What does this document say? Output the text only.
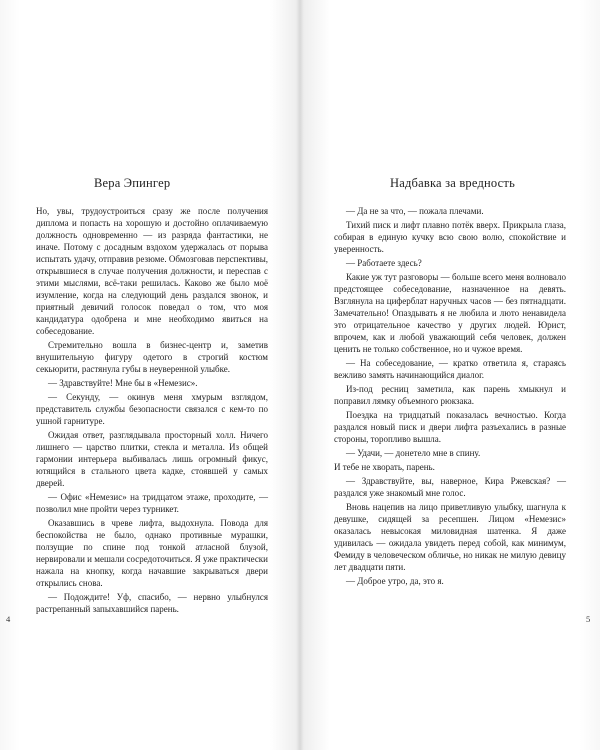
Вера Эпингер

Но, увы, трудоустроиться сразу же после получения диплома и попасть на хорошую и достойно оплачиваемую должность одновременно — из разряда фантастики, не иначе. Потому с досадным вздохом удержалась от порыва испытать удачу, отправив резюме. Обмозговав перспективы, открывшиеся в случае получения должности, и переспав с этими мыслями, всё-таки решилась. Каково же было моё изумление, когда на следующий день раздался звонок, и приятный девичий голосок поведал о том, что моя кандидатура одобрена и мне необходимо явиться на собеседование.

Стремительно вошла в бизнес-центр и, заметив внушительную фигуру одетого в строгий костюм секьюрити, растянула губы в неуверенной улыбке.

— Здравствуйте! Мне бы в «Немезис».

— Секунду, — окинув меня хмурым взглядом, представитель службы безопасности связался с кем-то по ушной гарнитуре.

Ожидая ответ, разглядывала просторный холл. Ничего лишнего — царство плитки, стекла и металла. Из общей гармонии интерьера выбивалась лишь огромный фикус, ютящийся в стального цвета кадке, стоявшей у самых дверей.

— Офис «Немезис» на тридцатом этаже, проходите, — позволил мне пройти через турникет.

Оказавшись в чреве лифта, выдохнула. Повода для беспокойства не было, однако противные мурашки, ползущие по спине под тонкой атласной блузой, нервировали и мешали сосредоточиться. Я уже практически нажала на кнопку, когда начавшие закрываться двери открылись снова.

— Подождите! Уф, спасибо, — нервно улыбнулся растрепанный запыхавшийся парень.

4
Надбавка за вредность

— Да не за что, — пожала плечами.

Тихий писк и лифт плавно потёк вверх. Прикрыла глаза, собирая в единую кучку всю свою волю, спокойствие и уверенность.

— Работаете здесь?

Какие уж тут разговоры — больше всего меня волновало предстоящее собеседование, назначенное на девять. Взглянула на циферблат наручных часов — без пятнадцати. Замечательно! Опаздывать я не любила и люто ненавидела это отрицательное качество у других людей. Юрист, впрочем, как и любой уважающий себя человек, должен ценить не только собственное, но и чужое время.

— На собеседование, — кратко ответила я, стараясь вежливо замять начинающийся диалог.

Из-под ресниц заметила, как парень хмыкнул и поправил лямку объемного рюкзака.

Поездка на тридцатый показалась вечностью. Когда раздался новый писк и двери лифта разъехались в разные стороны, торопливо вышла.

— Удачи, — донетело мне в спину.

И тебе не хворать, парень.

— Здравствуйте, вы, наверное, Кира Ржевская? — раздался уже знакомый мне голос.

Вновь нацепив на лицо приветливую улыбку, шагнула к девушке, сидящей за ресепшен. Лицом «Немезис» оказалась невысокая миловидная шатенка. Я даже удивилась — ожидала увидеть перед собой, как минимум, Фемиду в человеческом обличье, но никак не милую девицу лет двадцати пяти.

— Доброе утро, да, это я.

5
